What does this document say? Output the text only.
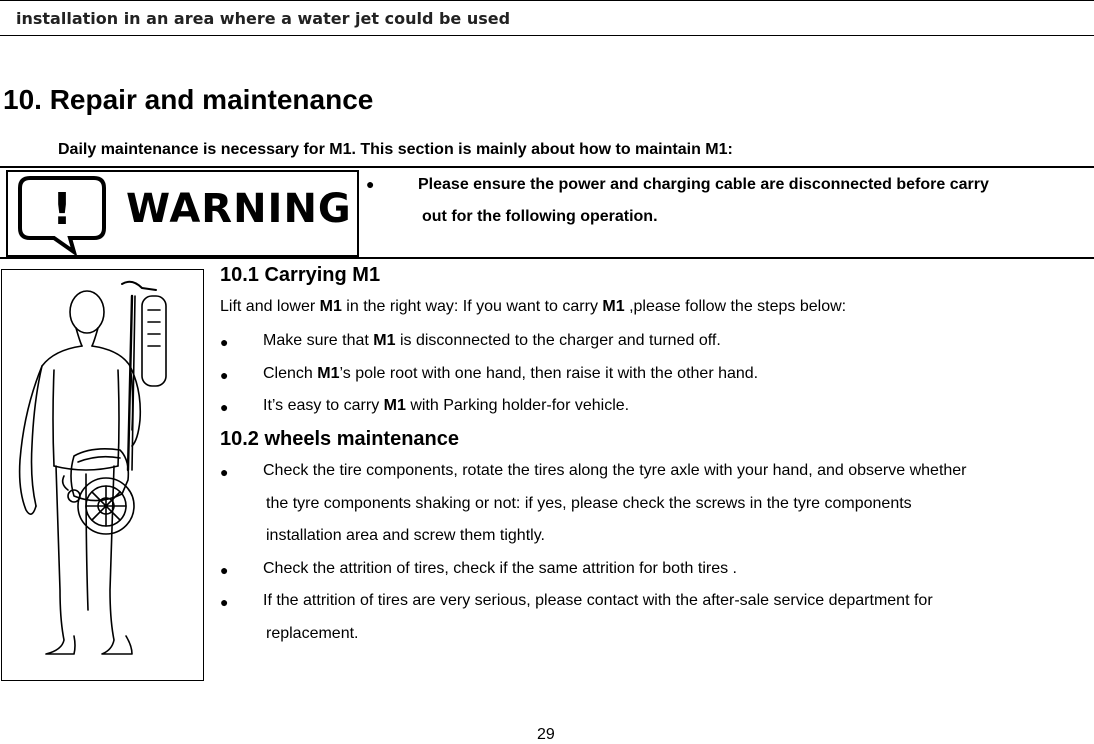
installation in an area where a water jet could be used
10. Repair and maintenance
Daily maintenance is necessary for M1. This section is mainly about how to maintain M1:
! WARNING
●	Please ensure the power and charging cable are disconnected before carry
out for the following operation.
10.1 Carrying M1
Lift and lower M1 in the right way: If you want to carry M1 ,please follow the steps below:
● Make sure that M1 is disconnected to the charger and turned off.
● Clench M1’s pole root with one hand, then raise it with the other hand.
● It’s easy to carry M1 with Parking holder-for vehicle.
10.2 wheels maintenance
● Check the tire components, rotate the tires along the tyre axle with your hand, and observe whether
the tyre components shaking or not: if yes, please check the screws in the tyre components
installation area and screw them tightly.
● Check the attrition of tires, check if the same attrition for both tires .
● If the attrition of tires are very serious, please contact with the after-sale service department for
replacement.
29
